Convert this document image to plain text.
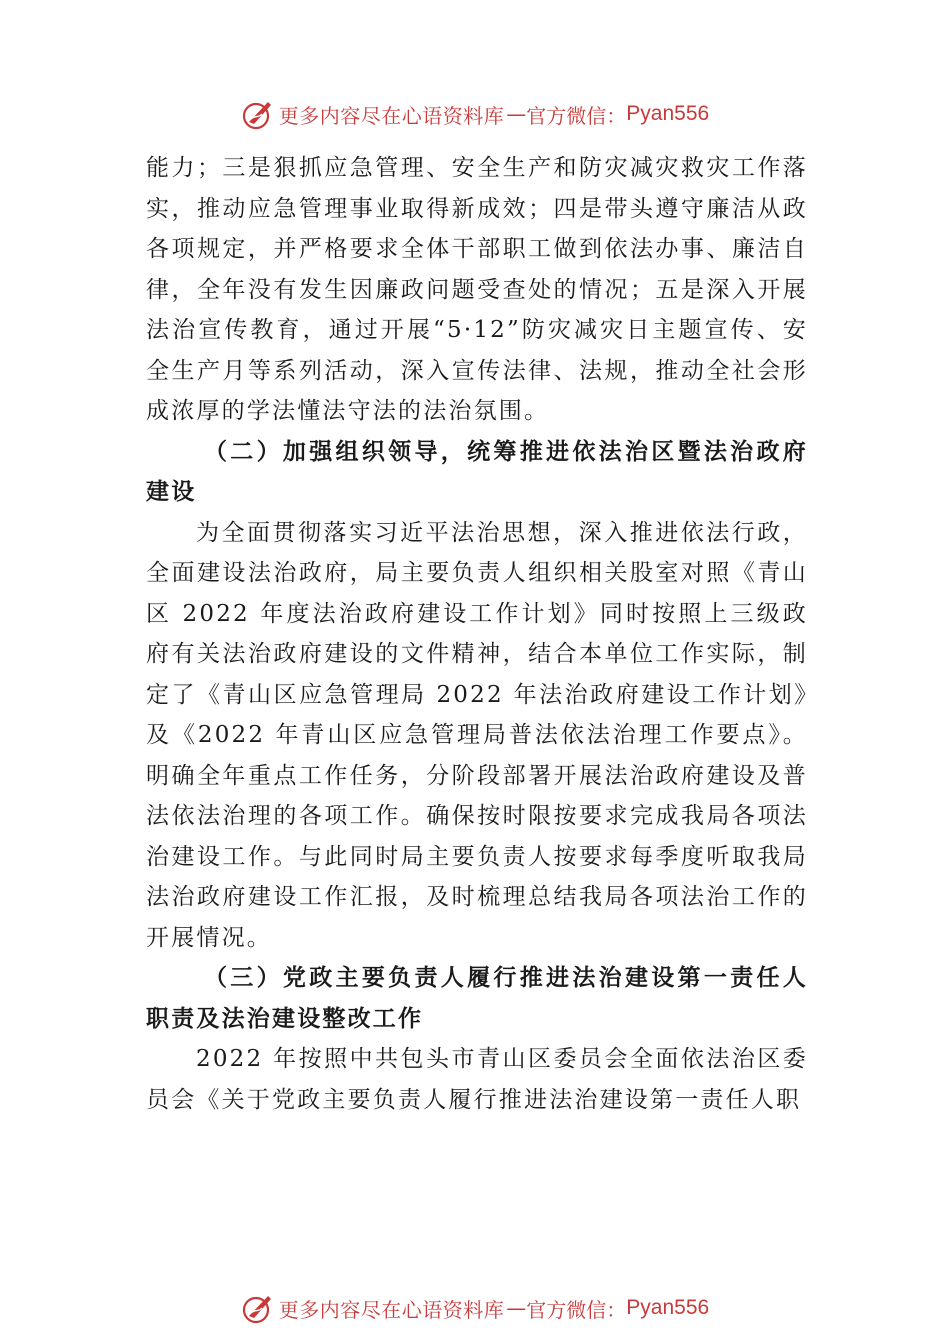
更多内容尽在心语资料库 — 官方微信： Pyan556

能力；三是狠抓应急管理、安全生产和防灾减灾救灾工作落实，推动应急管理事业取得新成效；四是带头遵守廉洁从政各项规定，并严格要求全体干部职工做到依法办事、廉洁自律，全年没有发生因廉政问题受查处的情况；五是深入开展法治宣传教育，通过开展“5·12”防灾减灾日主题宣传、安全生产月等系列活动，深入宣传法律、法规，推动全社会形成浓厚的学法懂法守法的法治氛围。

（二）加强组织领导，统筹推进依法治区暨法治政府建设

为全面贯彻落实习近平法治思想，深入推进依法行政，全面建设法治政府，局主要负责人组织相关股室对照《青山区 2022 年度法治政府建设工作计划》同时按照上三级政府有关法治政府建设的文件精神，结合本单位工作实际，制定了《青山区应急管理局 2022 年法治政府建设工作计划》及《2022 年青山区应急管理局普法依法治理工作要点》。明确全年重点工作任务，分阶段部署开展法治政府建设及普法依法治理的各项工作。确保按时限按要求完成我局各项法治建设工作。与此同时局主要负责人按要求每季度听取我局法治政府建设工作汇报，及时梳理总结我局各项法治工作的开展情况。

（三）党政主要负责人履行推进法治建设第一责任人职责及法治建设整改工作

2022 年按照中共包头市青山区委员会全面依法治区委员会《关于党政主要负责人履行推进法治建设第一责任人职

更多内容尽在心语资料库 — 官方微信： Pyan556
